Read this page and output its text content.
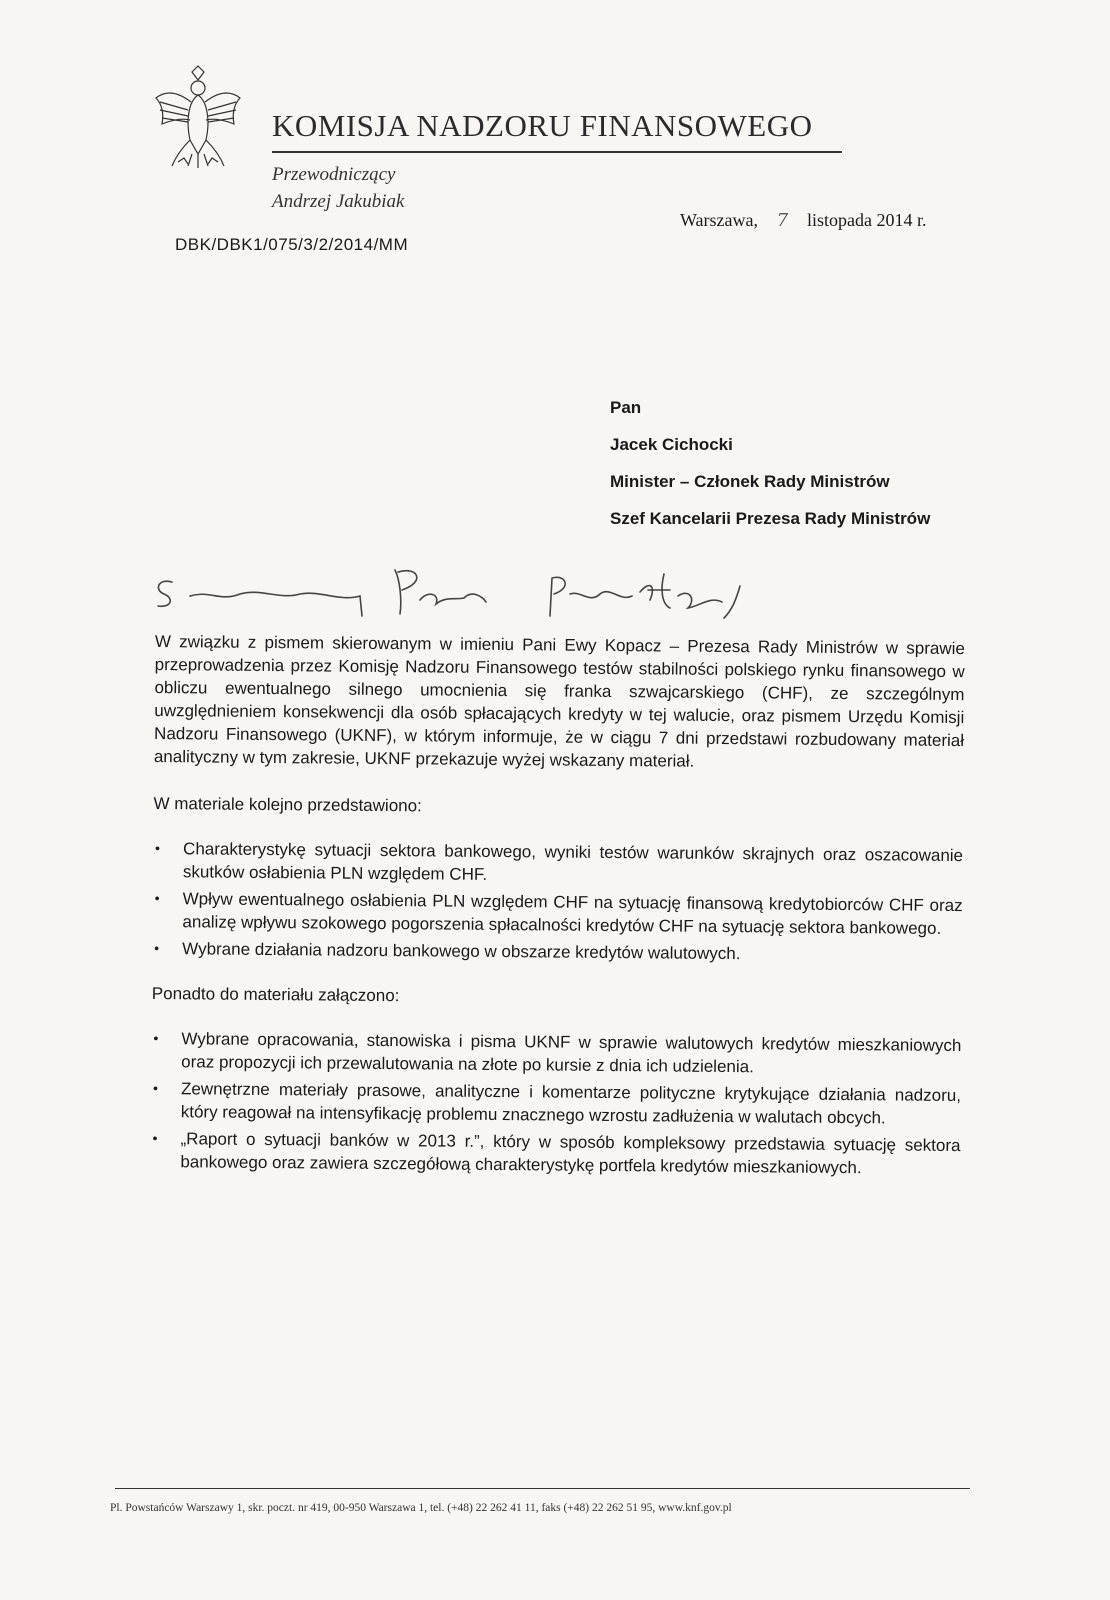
KOMISJA NADZORU FINANSOWEGO
Przewodniczący
Andrzej Jakubiak
DBK/DBK1/075/3/2/2014/MM
Warszawa, 7 listopada 2014 r.
Pan
Jacek Cichocki
Minister – Członek Rady Ministrów
Szef Kancelarii Prezesa Rady Ministrów

W związku z pismem skierowanym w imieniu Pani Ewy Kopacz – Prezesa Rady Ministrów w sprawie przeprowadzenia przez Komisję Nadzoru Finansowego testów stabilności polskiego rynku finansowego w obliczu ewentualnego silnego umocnienia się franka szwajcarskiego (CHF), ze szczególnym uwzględnieniem konsekwencji dla osób spłacających kredyty w tej walucie, oraz pismem Urzędu Komisji Nadzoru Finansowego (UKNF), w którym informuje, że w ciągu 7 dni przedstawi rozbudowany materiał analityczny w tym zakresie, UKNF przekazuje wyżej wskazany materiał.

W materiale kolejno przedstawiono:

• Charakterystykę sytuacji sektora bankowego, wyniki testów warunków skrajnych oraz oszacowanie skutków osłabienia PLN względem CHF.
• Wpływ ewentualnego osłabienia PLN względem CHF na sytuację finansową kredytobiorców CHF oraz analizę wpływu szokowego pogorszenia spłacalności kredytów CHF na sytuację sektora bankowego.
• Wybrane działania nadzoru bankowego w obszarze kredytów walutowych.

Ponadto do materiału załączono:

• Wybrane opracowania, stanowiska i pisma UKNF w sprawie walutowych kredytów mieszkaniowych oraz propozycji ich przewalutowania na złote po kursie z dnia ich udzielenia.
• Zewnętrzne materiały prasowe, analityczne i komentarze polityczne krytykujące działania nadzoru, który reagował na intensyfikację problemu znacznego wzrostu zadłużenia w walutach obcych.
• „Raport o sytuacji banków w 2013 r.”, który w sposób kompleksowy przedstawia sytuację sektora bankowego oraz zawiera szczegółową charakterystykę portfela kredytów mieszkaniowych.
Pl. Powstańców Warszawy 1, skr. poczt. nr 419, 00-950 Warszawa 1, tel. (+48) 22 262 41 11, faks (+48) 22 262 51 95, www.knf.gov.pl
